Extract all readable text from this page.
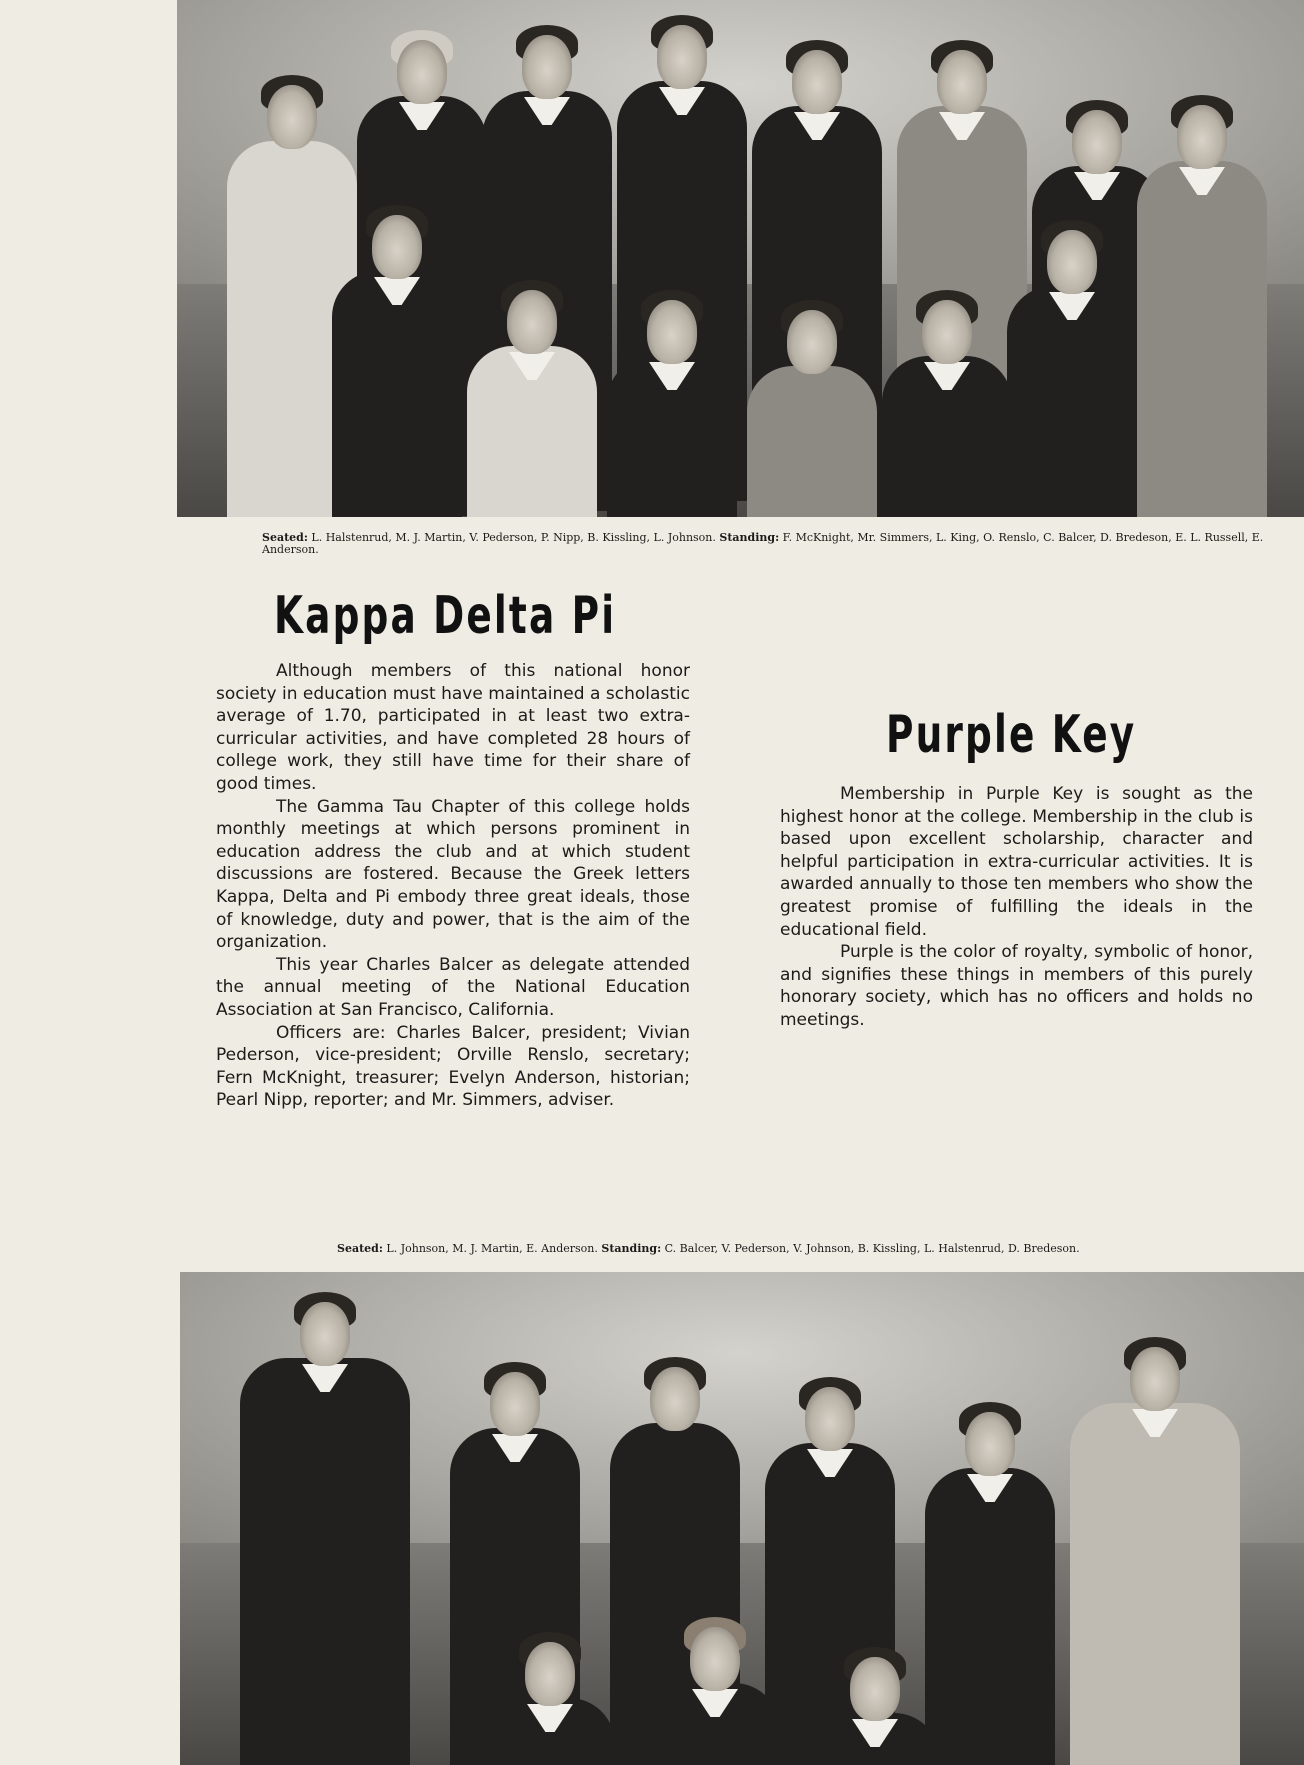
Seated: L. Halstenrud, M. J. Martin, V. Pederson, P. Nipp, B. Kissling, L. Johnson. Standing: F. McKnight, Mr. Simmers, L. King, O. Renslo, C. Balcer, D. Bredeson, E. L. Russell, E. Anderson.
Kappa Delta Pi

Although members of this national honor society in education must have maintained a scholastic average of 1.70, participated in at least two extra-curricular activities, and have completed 28 hours of college work, they still have time for their share of good times.

The Gamma Tau Chapter of this college holds monthly meetings at which persons prominent in education address the club and at which student discussions are fostered. Because the Greek letters Kappa, Delta and Pi embody three great ideals, those of knowledge, duty and power, that is the aim of the organization.

This year Charles Balcer as delegate attended the annual meeting of the National Education Association at San Francisco, California.

Officers are: Charles Balcer, president; Vivian Pederson, vice-president; Orville Renslo, secretary; Fern McKnight, treasurer; Evelyn Anderson, historian; Pearl Nipp, reporter; and Mr. Simmers, adviser.

Purple Key

Membership in Purple Key is sought as the highest honor at the college. Membership in the club is based upon excellent scholarship, character and helpful participation in extra-curricular activities. It is awarded annually to those ten members who show the greatest promise of fulfilling the ideals in the educational field.

Purple is the color of royalty, symbolic of honor, and signifies these things in members of this purely honorary society, which has no officers and holds no meetings.

Seated: L. Johnson, M. J. Martin, E. Anderson. Standing: C. Balcer, V. Pederson, V. Johnson, B. Kissling, L. Halstenrud, D. Bredeson.
